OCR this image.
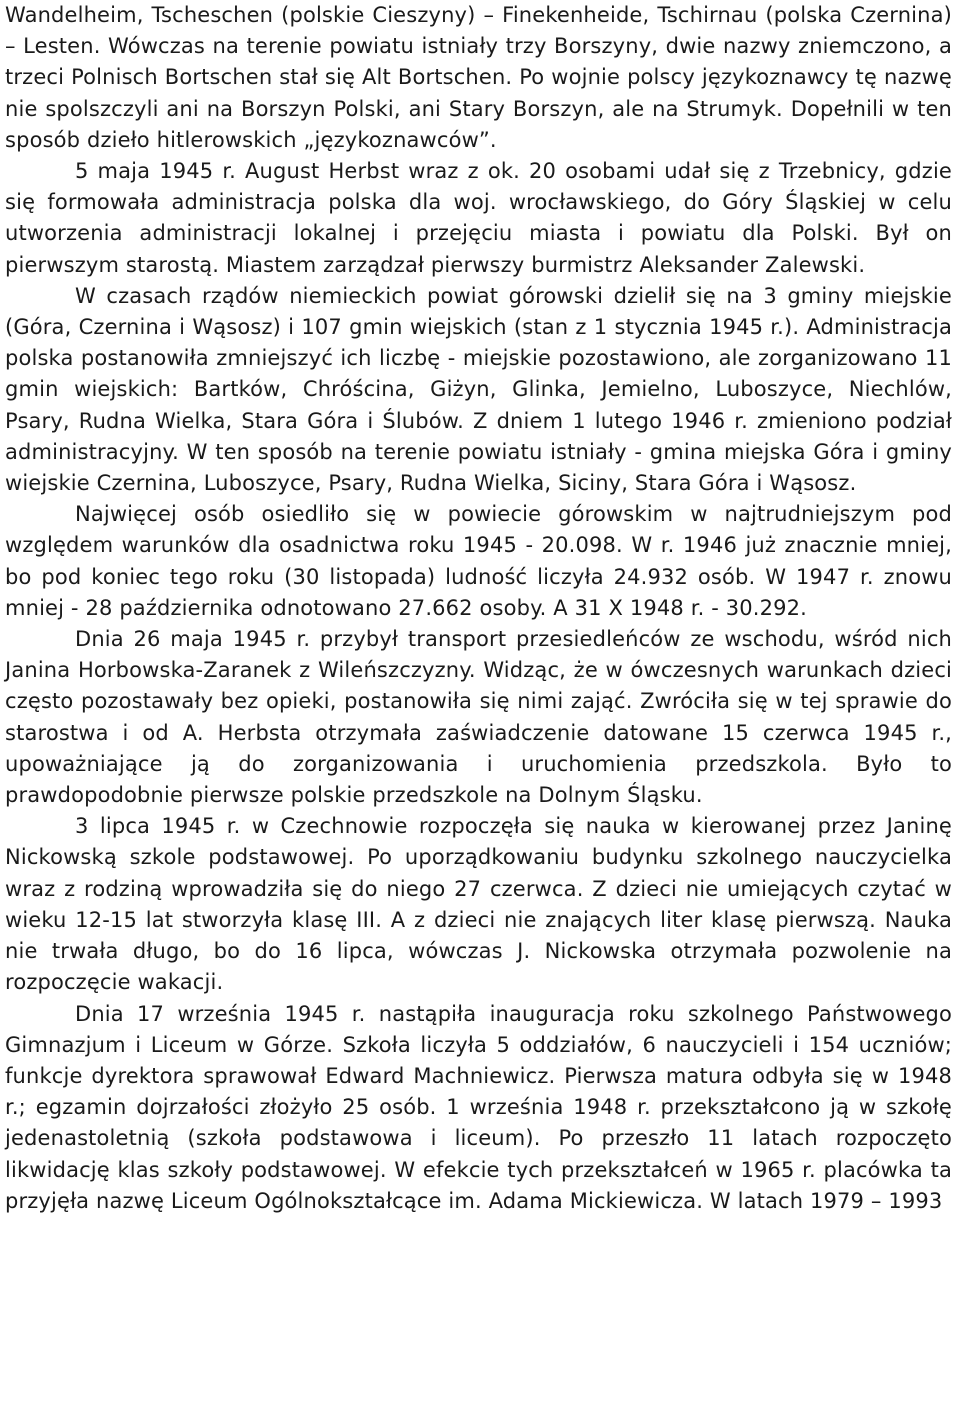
Wandelheim, Tscheschen (polskie Cieszyny) – Finekenheide, Tschirnau (polska Czernina) – Lesten. Wówczas na terenie powiatu istniały trzy Borszyny, dwie nazwy zniemczono, a trzeci Polnisch Bortschen stał się Alt Bortschen. Po wojnie polscy językoznawcy tę nazwę nie spolszczyli ani na Borszyn Polski, ani Stary Borszyn, ale na Strumyk. Dopełnili w ten sposób dzieło hitlerowskich „językoznawców”.

5 maja 1945 r. August Herbst wraz z ok. 20 osobami udał się z Trzebnicy, gdzie się formowała administracja polska dla woj. wrocławskiego, do Góry Śląskiej w celu utworzenia administracji lokalnej i przejęciu miasta i powiatu dla Polski. Był on pierwszym starostą. Miastem zarządzał pierwszy burmistrz Aleksander Zalewski.

W czasach rządów niemieckich powiat górowski dzielił się na 3 gminy miejskie (Góra, Czernina i Wąsosz) i 107 gmin wiejskich (stan z 1 stycznia 1945 r.). Administracja polska postanowiła zmniejszyć ich liczbę - miejskie pozostawiono, ale zorganizowano 11 gmin wiejskich: Bartków, Chróścina, Giżyn, Glinka, Jemielno, Luboszyce, Niechlów, Psary, Rudna Wielka, Stara Góra i Ślubów. Z dniem 1 lutego 1946 r. zmieniono podział administracyjny. W ten sposób na terenie powiatu istniały - gmina miejska Góra i gminy wiejskie Czernina, Luboszyce, Psary, Rudna Wielka, Siciny, Stara Góra i Wąsosz.

Najwięcej osób osiedliło się w powiecie górowskim w najtrudniejszym pod względem warunków dla osadnictwa roku 1945 - 20.098. W r. 1946 już znacznie mniej, bo pod koniec tego roku (30 listopada) ludność liczyła 24.932 osób. W 1947 r. znowu mniej - 28 października odnotowano 27.662 osoby. A 31 X 1948 r. - 30.292.

Dnia 26 maja 1945 r. przybył transport przesiedleńców ze wschodu, wśród nich Janina Horbowska-Zaranek z Wileńszczyzny. Widząc, że w ówczesnych warunkach dzieci często pozostawały bez opieki, postanowiła się nimi zająć. Zwróciła się w tej sprawie do starostwa i od A. Herbsta otrzymała zaświadczenie datowane 15 czerwca 1945 r., upoważniające ją do zorganizowania i uruchomienia przedszkola. Było to prawdopodobnie pierwsze polskie przedszkole na Dolnym Śląsku.

3 lipca 1945 r. w Czechnowie rozpoczęła się nauka w kierowanej przez Janinę Nickowską szkole podstawowej. Po uporządkowaniu budynku szkolnego nauczycielka wraz z rodziną wprowadziła się do niego 27 czerwca. Z dzieci nie umiejących czytać w wieku 12-15 lat stworzyła klasę III. A z dzieci nie znających liter klasę pierwszą. Nauka nie trwała długo, bo do 16 lipca, wówczas J. Nickowska otrzymała pozwolenie na rozpoczęcie wakacji.

Dnia 17 września 1945 r. nastąpiła inauguracja roku szkolnego Państwowego Gimnazjum i Liceum w Górze. Szkoła liczyła 5 oddziałów, 6 nauczycieli i 154 uczniów; funkcje dyrektora sprawował Edward Machniewicz. Pierwsza matura odbyła się w 1948 r.; egzamin dojrzałości złożyło 25 osób. 1 września 1948 r. przekształcono ją w szkołę jedenastoletnią (szkoła podstawowa i liceum). Po przeszło 11 latach rozpoczęto likwidację klas szkoły podstawowej. W efekcie tych przekształceń w 1965 r. placówka ta przyjęła nazwę Liceum Ogólnokształcące im. Adama Mickiewicza. W latach 1979 – 1993
